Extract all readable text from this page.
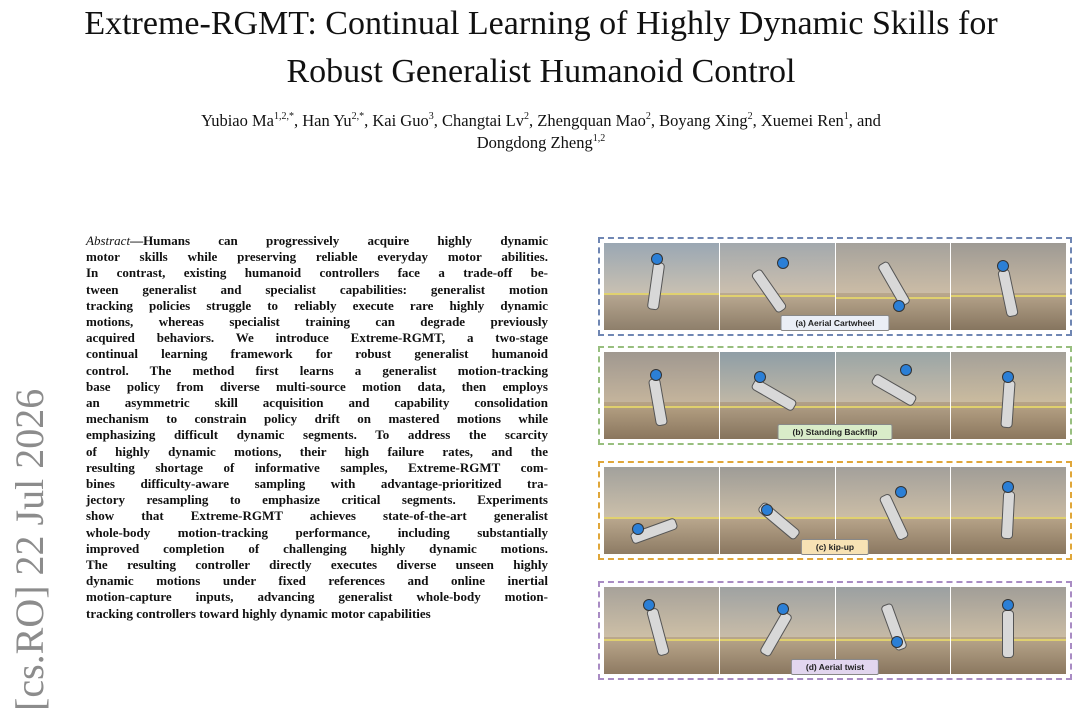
[cs.RO] 22 Jul 2026
Extreme-RGMT: Continual Learning of Highly Dynamic Skills for
Robust Generalist Humanoid Control
Yubiao $Ma^{1,2,*}$, Han $Yu^{2,*}$, Kai Guo$^3$, Changtai Lv$^2$, Zhengquan Mao$^2$, Boyang Xing$^2$, Xuemei Ren$^1$, and
Dongdong Zheng$^{1,2}$
Abstract—Humans can progressively acquire highly dynamic
motor skills while preserving reliable everyday motor abilities.
In contrast, existing humanoid controllers face a trade-off be-
tween generalist and specialist capabilities: generalist motion
tracking policies struggle to reliably execute rare highly dynamic
motions, whereas specialist training can degrade previously
acquired behaviors. We introduce Extreme-RGMT, a two-stage
continual learning framework for robust generalist humanoid
control. The method first learns a generalist motion-tracking
base policy from diverse multi-source motion data, then employs
an asymmetric skill acquisition and capability consolidation
mechanism to constrain policy drift on mastered motions while
emphasizing difficult dynamic segments. To address the scarcity
of highly dynamic motions, their high failure rates, and the
resulting shortage of informative samples, Extreme-RGMT com-
bines difficulty-aware sampling with advantage-prioritized tra-
jectory resampling to emphasize critical segments. Experiments
show that Extreme-RGMT achieves state-of-the-art generalist
whole-body motion-tracking performance, including substantially
improved completion of challenging highly dynamic motions.
The resulting controller directly executes diverse unseen highly
dynamic motions under fixed references and online inertial
motion-capture inputs, advancing generalist whole-body motion-
tracking controllers toward highly dynamic motor capabilities
(a) Aerial Cartwheel
(b) Standing Backflip
(c) kip-up
(d) Aerial twist
